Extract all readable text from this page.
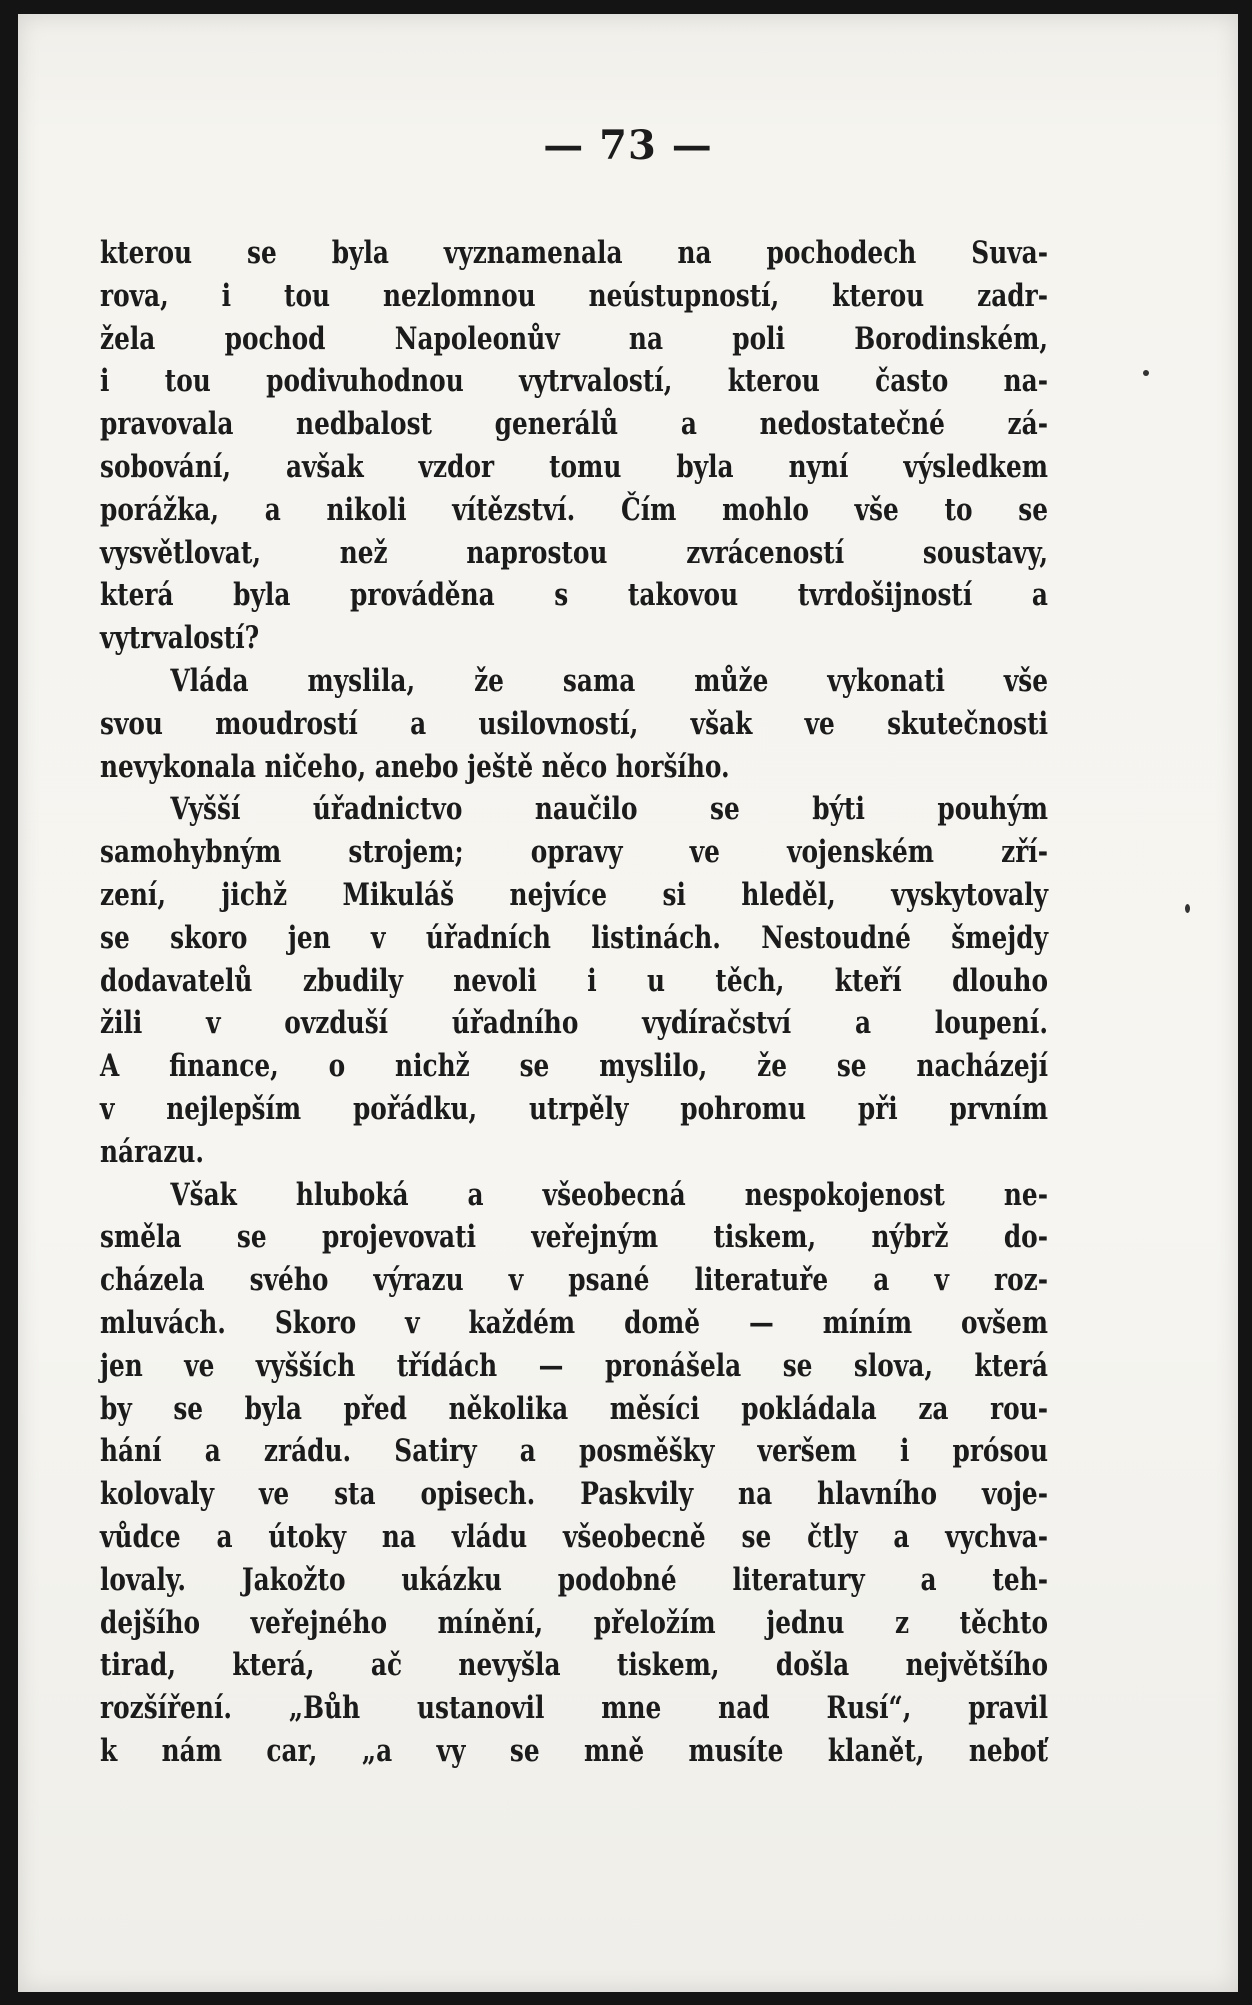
— 73 —
kterou se byla vyznamenala na pochodech Suva-
rova, i tou nezlomnou neústupností, kterou zadr-
žela pochod Napoleonův na poli Borodinském,
i tou podivuhodnou vytrvalostí, kterou často na-
pravovala nedbalost generálů a nedostatečné zá-
sobování, avšak vzdor tomu byla nyní výsledkem
porážka, a nikoli vítězství. Čím mohlo vše to se
vysvětlovat, než naprostou zvráceností soustavy,
která byla prováděna s takovou tvrdošijností a
vytrvalostí?
Vláda myslila, že sama může vykonati vše
svou moudrostí a usilovností, však ve skutečnosti
nevykonala ničeho, anebo ještě něco horšího.
Vyšší úřadnictvo naučilo se býti pouhým
samohybným strojem; opravy ve vojenském zří-
zení, jichž Mikuláš nejvíce si hleděl, vyskytovaly
se skoro jen v úřadních listinách. Nestoudné šmejdy
dodavatelů zbudily nevoli i u těch, kteří dlouho
žili v ovzduší úřadního vydíračství a loupení.
A finance, o nichž se myslilo, že se nacházejí
v nejlepším pořádku, utrpěly pohromu při prvním
nárazu.
Však hluboká a všeobecná nespokojenost ne-
směla se projevovati veřejným tiskem, nýbrž do-
cházela svého výrazu v psané literatuře a v roz-
mluvách. Skoro v každém domě — míním ovšem
jen ve vyšších třídách — pronášela se slova, která
by se byla před několika měsíci pokládala za rou-
hání a zrádu. Satiry a posměšky veršem i prósou
kolovaly ve sta opisech. Paskvily na hlavního voje-
vůdce a útoky na vládu všeobecně se čtly a vychva-
lovaly. Jakožto ukázku podobné literatury a teh-
dejšího veřejného mínění, přeložím jednu z těchto
tirad, která, ač nevyšla tiskem, došla největšího
rozšíření. „Bůh ustanovil mne nad Rusí“, pravil
k nám car, „a vy se mně musíte klanět, neboť
